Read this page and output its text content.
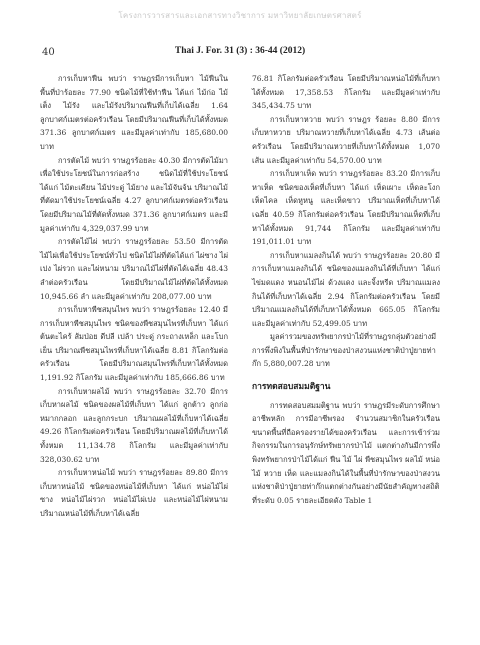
โครงการวารสารและเอกสารทางวิชาการ มหาวิทยาลัยเกษตรศาสตร์
40	Thai J. For. 31 (3) : 36-44 (2012)

การเก็บหาฟืน พบว่า ราษฎรมีการเก็บหา ไม้ฟืนในพื้นที่ป่าร้อยละ 77.90 ชนิดไม้ที่ใช้ทำฟืน ได้แก่ ไม้ก่อ ไม้เต็ง ไม้รัง และไม้รังปริมาณฟืนที่เก็บได้เฉลี่ย 1.64 ลูกบาศก์เมตรต่อครัวเรือน โดยมีปริมาณฟืนที่เก็บได้ทั้งหมด 371.36 ลูกบาศก์เมตร และมีมูลค่าเท่ากับ 185,680.00 บาท

การตัดไม้ พบว่า ราษฎรร้อยละ 40.30 มีการตัดไม้มาเพื่อใช้ประโยชน์ในการก่อสร้าง ชนิดไม้ที่ใช้ประโยชน์ ได้แก่ ไม้ตะเคียน ไม้ประดู่ ไม้ยาง และไม้จันจ้น ปริมาณไม้ที่ตัดมาใช้ประโยชน์เฉลี่ย 4.27 ลูกบาศก์เมตรต่อครัวเรือน โดยมีปริมาณไม้ที่ตัดทั้งหมด 371.36 ลูกบาศก์เมตร และมีมูลค่าเท่ากับ 4,329,037.99 บาท

การตัดไม้ไผ่ พบว่า ราษฎรร้อยละ 53.50 มีการตัดไม้ไผ่เพื่อใช้ประโยชน์ทั่วไป ชนิดไม้ไผ่ที่ตัดได้แก่ ไผ่ซาง ไผ่เปง ไผ่รวก และไผ่หนาม ปริมาณไม้ไผ่ที่ตัดได้เฉลี่ย 48.43 ลำต่อครัวเรือน โดยมีปริมาณไม้ไผ่ที่ตัดได้ทั้งหมด 10,945.66 ลำ และมีมูลค่าเท่ากับ 208,077.00 บาท

การเก็บหาพืชสมุนไพร พบว่า ราษฎรร้อยละ 12.40 มีการเก็บหาพืชสมุนไพร ชนิดของพืชสมุนไพรที่เก็บหา ได้แก่ ต้นตะไคร้ ส้มป่อย ดีปลี เปล้า ประดู่ กระถางเหล็ก และโบกเย็น ปริมาณพืชสมุนไพรที่เก็บหาได้เฉลี่ย 8.81 กิโลกรัมต่อครัวเรือน โดยมีปริมาณสมุนไพรที่เก็บหาได้ทั้งหมด 1,191.92 กิโลกรัม และมีมูลค่าเท่ากับ 185,666.86 บาท

การเก็บหาผลไม้ พบว่า ราษฎรร้อยละ 32.70 มีการเก็บหาผลไม้ ชนิดของผลไม้ที่เก็บหา ได้แก่ ลูกต้าว ลูกก่อ หมากกลอก และลูกกระบก ปริมาณผลไม้ที่เก็บหาได้เฉลี่ย 49.26 กิโลกรัมต่อครัวเรือน โดยมีปริมาณผลไม้ที่เก็บหาได้ทั้งหมด 11,134.78 กิโลกรัม และมีมูลค่าเท่ากับ 328,030.62 บาท

การเก็บหาหน่อไม้ พบว่า ราษฎรร้อยละ 89.80 มีการเก็บหาหน่อไม้ ชนิดของหน่อไม้ที่เก็บหา ได้แก่ หน่อไม้ไผ่ซาง หน่อไม้ไผ่รวก หน่อไม้ไผ่เปง และหน่อไม้ไผ่หนาม ปริมาณหน่อไม้ที่เก็บหาได้เฉลี่ย

76.81 กิโลกรัมต่อครัวเรือน โดยมีปริมาณหน่อไม้ที่เก็บหาได้ทั้งหมด 17,358.53 กิโลกรัม และมีมูลค่าเท่ากับ 345,434.75 บาท

การเก็บหาหวาย พบว่า ราษฎร ร้อยละ 8.80 มีการเก็บหาหวาย ปริมาณหวายที่เก็บหาได้เฉลี่ย 4.73 เส้นต่อครัวเรือน โดยมีปริมาณหวายที่เก็บหาได้ทั้งหมด 1,070 เส้น และมีมูลค่าเท่ากับ 54,570.00 บาท

การเก็บหาเห็ด พบว่า ราษฎรร้อยละ 83.20 มีการเก็บหาเห็ด ชนิดของเห็ดที่เก็บหา ได้แก่ เห็ดเผาะ เห็ดละโงก เห็ดไคล เห็ดหูหนู และเห็ดขาว ปริมาณเห็ดที่เก็บหาได้เฉลี่ย 40.59 กิโลกรัมต่อครัวเรือน โดยมีปริมาณเห็ดที่เก็บหาได้ทั้งหมด 91,744 กิโลกรัม และมีมูลค่าเท่ากับ 191,011.01 บาท

การเก็บหาแมลงกินได้ พบว่า ราษฎรร้อยละ 20.80 มีการเก็บหาแมลงกินได้ ชนิดของแมลงกินได้ที่เก็บหา ได้แก่ ไข่มดแดง หนอนไม้ไผ่ ด้วงแดง และจิ้งหรีด ปริมาณแมลงกินได้ที่เก็บหาได้เฉลี่ย 2.94 กิโลกรัมต่อครัวเรือน โดยมีปริมาณแมลงกินได้ที่เก็บหาได้ทั้งหมด 665.05 กิโลกรัม และมีมูลค่าเท่ากับ 52,499.05 บาท

มูลค่ารวมของทรัพยากรป่าไม้ที่ราษฎรกลุ่มตัวอย่างมีการพึ่งพิงในพื้นที่ป่ารักษาของป่าสงวนแห่งชาติป่าปู่ยายท่าก๊ก 5,880,007.28 บาท

การทดสอบสมมติฐาน

การทดสอบสมมติฐาน พบว่า ราษฎรมีระดับการศึกษา อาชีพหลัก การมีอาชีพรอง จำนวนสมาชิกในครัวเรือน ขนาดพื้นที่ถือครองรายได้ของครัวเรือน และการเข้าร่วมกิจกรรมในการอนุรักษ์ทรัพยากรป่าไม้ แตกต่างกันมีการพึ่งพิงทรัพยากรป่าไม้ได้แก่ ฟืน ไม้ ไผ่ พืชสมุนไพร ผลไม้ หน่อไม้ หวาย เห็ด และแมลงกินได้ในพื้นที่ป่ารักษาของป่าสงวนแห่งชาติป่าปู่ยายท่าก๊กแตกต่างกันอย่างมีนัยสำคัญทางสถิติที่ระดับ 0.05 รายละเอียดดัง Table 1
